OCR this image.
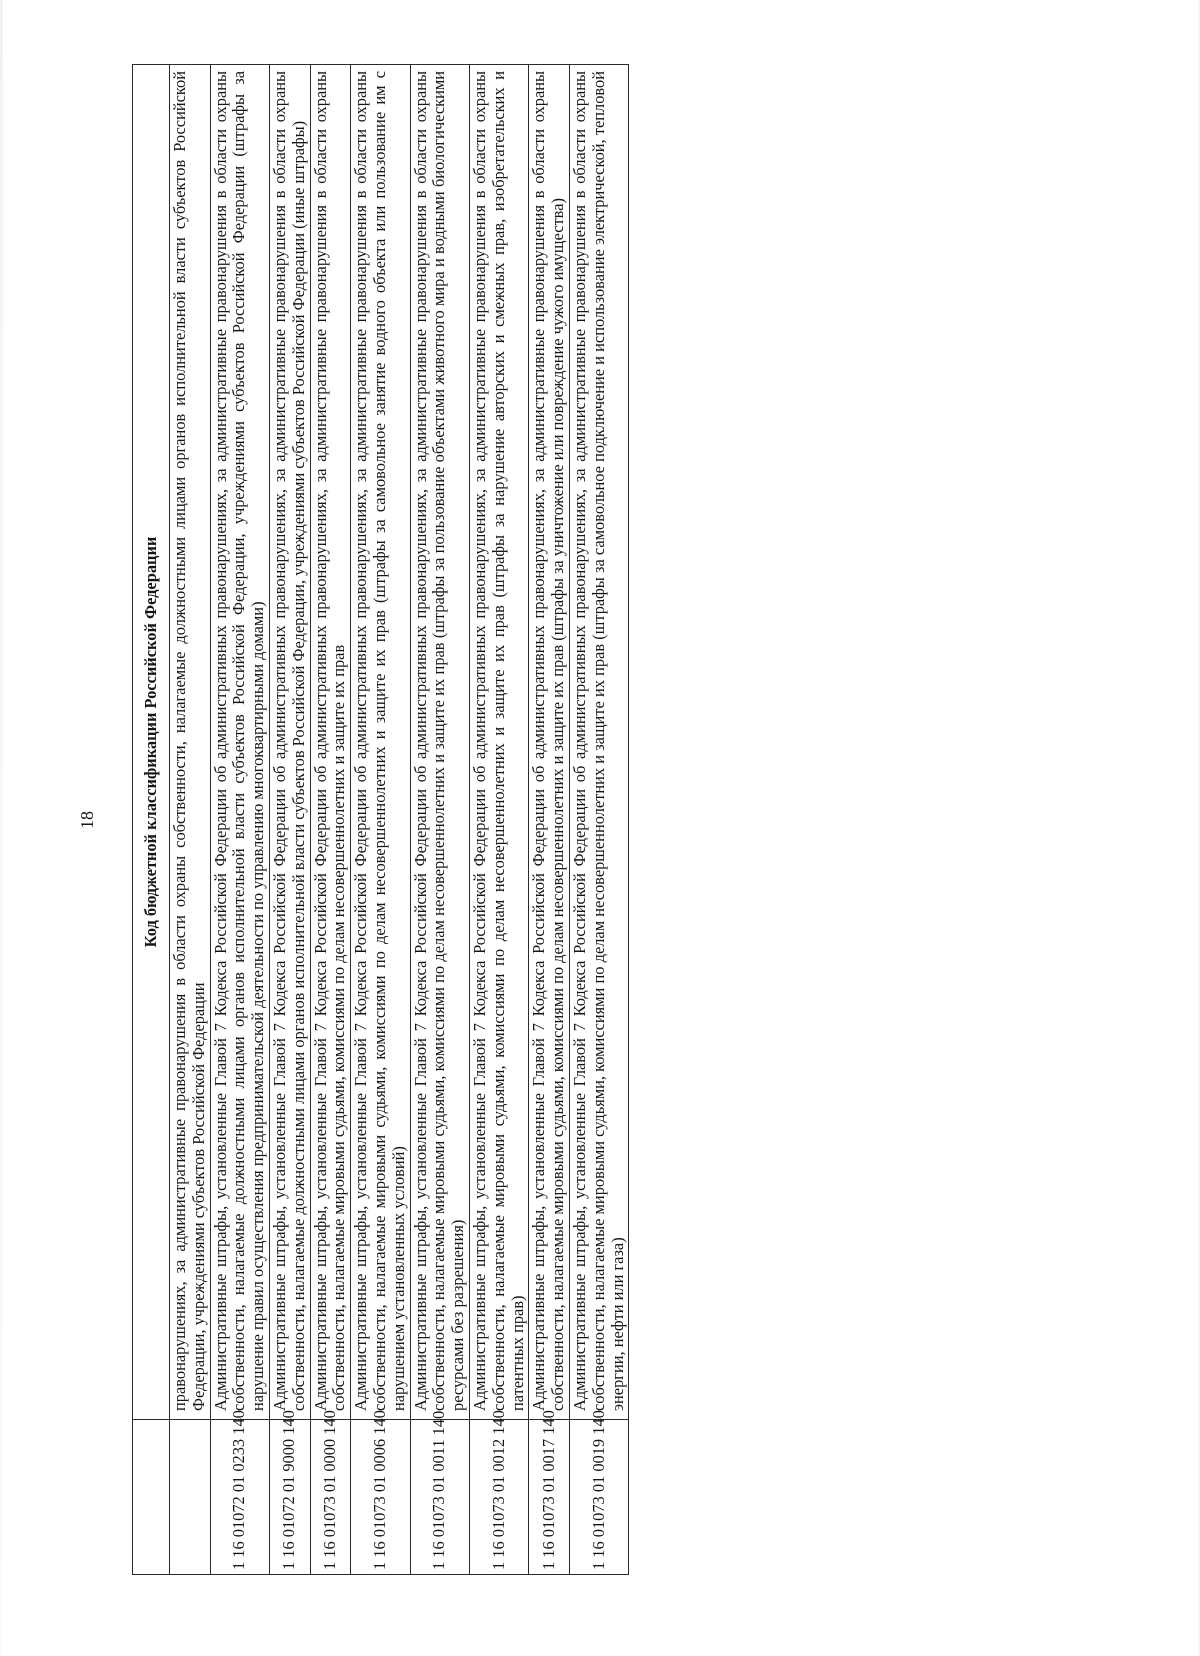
18
		Код бюджетной классификации Российской Федерации
	правонарушениях, за административные правонарушения в области охраны собственности, налагаемые должностными лицами органов исполнительной власти субъектов Российской Федерации, учреждениями субъектов Российской Федерации
1 16 01072 01 0233 140	Административные штрафы, установленные Главой 7 Кодекса Российской Федерации об административных правонарушениях, за административные правонарушения в области охраны собственности, налагаемые должностными лицами органов исполнительной власти субъектов Российской Федерации, учреждениями субъектов Российской Федерации (штрафы за нарушение правил осуществления предпринимательской деятельности по управлению многоквартирными домами)
1 16 01072 01 9000 140	Административные штрафы, установленные Главой 7 Кодекса Российской Федерации об административных правонарушениях, за административные правонарушения в области охраны собственности, налагаемые должностными лицами органов исполнительной власти субъектов Российской Федерации, учреждениями субъектов Российской Федерации (иные штрафы)
1 16 01073 01 0000 140	Административные штрафы, установленные Главой 7 Кодекса Российской Федерации об административных правонарушениях, за административные правонарушения в области охраны собственности, налагаемые мировыми судьями, комиссиями по делам несовершеннолетних и защите их прав
1 16 01073 01 0006 140	Административные штрафы, установленные Главой 7 Кодекса Российской Федерации об административных правонарушениях, за административные правонарушения в области охраны собственности, налагаемые мировыми судьями, комиссиями по делам несовершеннолетних и защите их прав (штрафы за самовольное занятие водного объекта или пользование им с нарушением установленных условий)
1 16 01073 01 0011 140	Административные штрафы, установленные Главой 7 Кодекса Российской Федерации об административных правонарушениях, за административные правонарушения в области охраны собственности, налагаемые мировыми судьями, комиссиями по делам несовершеннолетних и защите их прав (штрафы за пользование объектами животного мира и водными биологическими ресурсами без разрешения)
1 16 01073 01 0012 140	Административные штрафы, установленные Главой 7 Кодекса Российской Федерации об административных правонарушениях, за административные правонарушения в области охраны собственности, налагаемые мировыми судьями, комиссиями по делам несовершеннолетних и защите их прав (штрафы за нарушение авторских и смежных прав, изобретательских и патентных прав)
1 16 01073 01 0017 140	Административные штрафы, установленные Главой 7 Кодекса Российской Федерации об административных правонарушениях, за административные правонарушения в области охраны собственности, налагаемые мировыми судьями, комиссиями по делам несовершеннолетних и защите их прав (штрафы за уничтожение или повреждение чужого имущества)
1 16 01073 01 0019 140	Административные штрафы, установленные Главой 7 Кодекса Российской Федерации об административных правонарушениях, за административные правонарушения в области охраны собственности, налагаемые мировыми судьями, комиссиями по делам несовершеннолетних и защите их прав (штрафы за самовольное подключение и использование электрической, тепловой энергии, нефти или газа)
